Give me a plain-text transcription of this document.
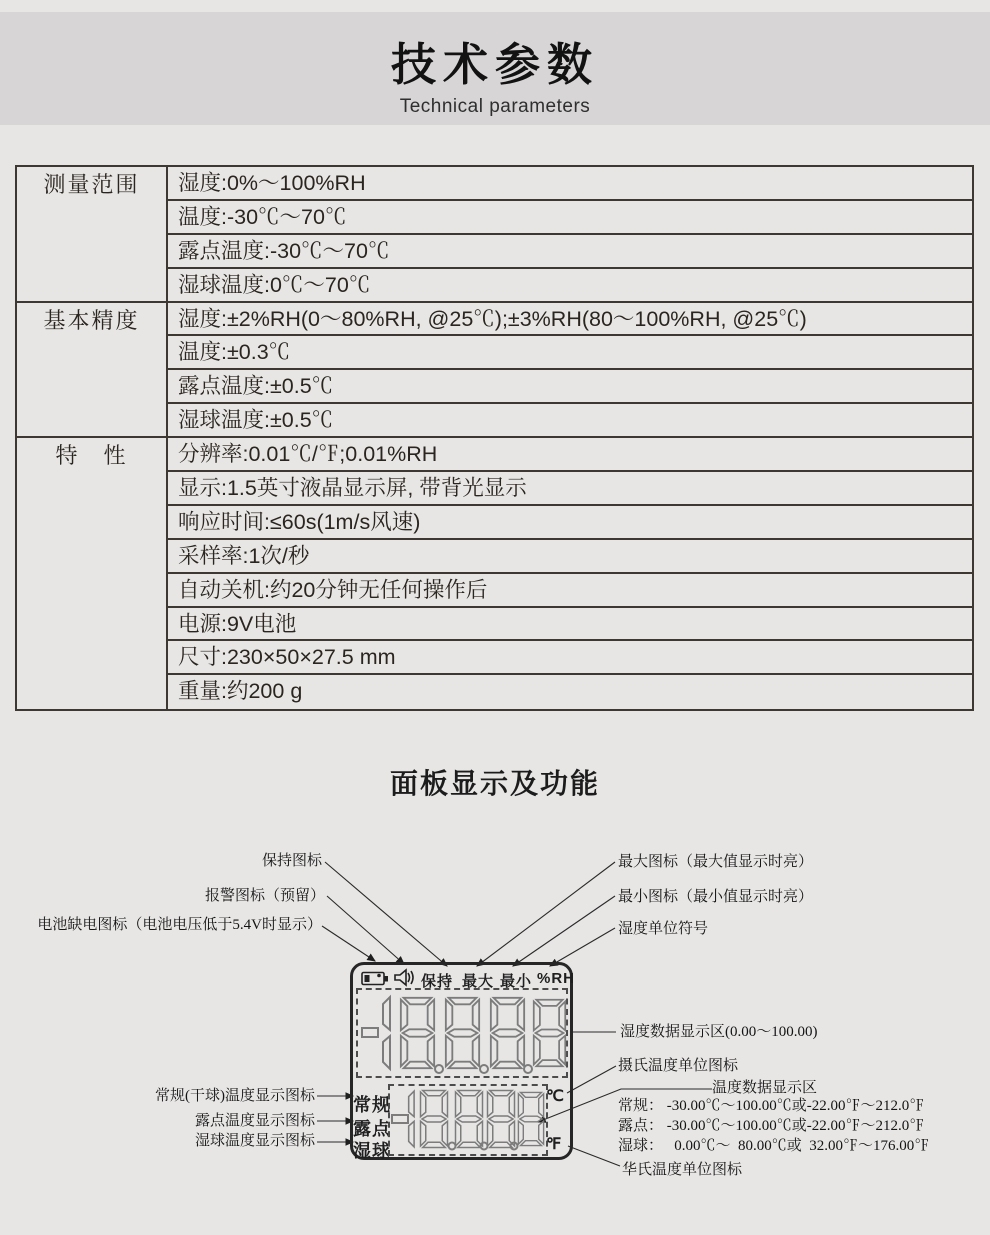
技术参数
Technical parameters
测量范围
基本精度
特　性
湿度:0%～100%RH
温度:-30℃～70℃
露点温度:-30℃～70℃
湿球温度:0℃～70℃
湿度:±2%RH(0～80%RH, @25℃);±3%RH(80～100%RH, @25℃)
温度:±0.3℃
露点温度:±0.5℃
湿球温度:±0.5℃
分辨率:0.01℃/℉;0.01%RH
显示:1.5英寸液晶显示屏, 带背光显示
响应时间:≤60s(1m/s风速)
采样率:1次/秒
自动关机:约20分钟无任何操作后
电源:9V电池
尺寸:230×50×27.5 mm
重量:约200 g
面板显示及功能
保持图标
报警图标（预留）
电池缺电图标（电池电压低于5.4V时显示）
最大图标（最大值显示时亮）
最小图标（最小值显示时亮）
湿度单位符号
湿度数据显示区(0.00～100.00)
摄氏温度单位图标
温度数据显示区
常规： -30.00℃～100.00℃或-22.00℉～212.0℉
露点： -30.00℃～100.00℃或-22.00℉～212.0℉
湿球：   0.00℃～  80.00℃或  32.00℉～176.00℉
华氏温度单位图标
常规(干球)温度显示图标
露点温度显示图标
湿球温度显示图标
保持 最大 最小 %RH
常规
露点
湿球
℃
℉
